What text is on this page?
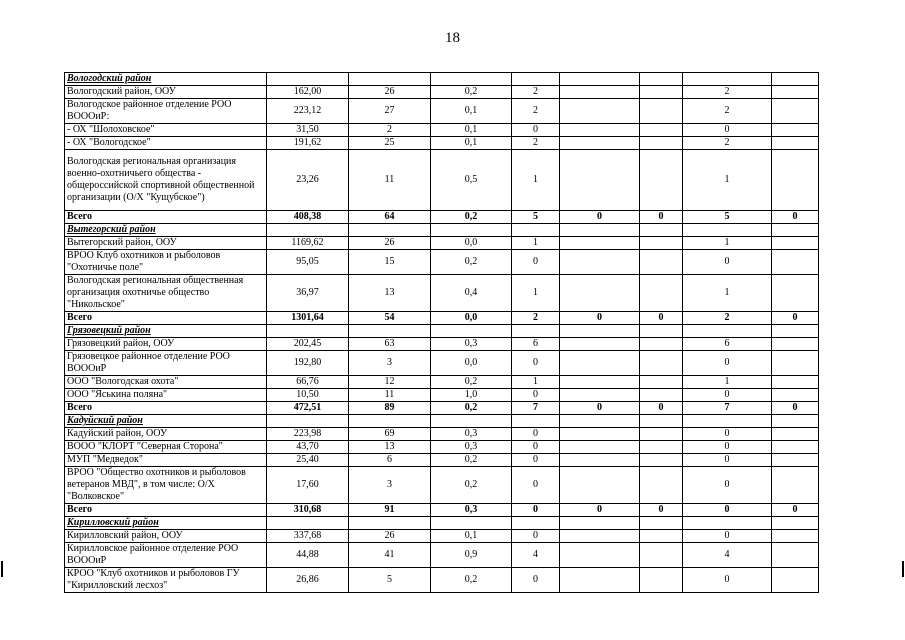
18
Вологодский район								
Вологодский район, ООУ	162,00	26	0,2	2			2	
Вологодское районное отделение РОО ВОООиР:	223,12	27	0,1	2			2	
- ОХ "Шолоховское"	31,50	2	0,1	0			0	
- ОХ "Вологодское"	191,62	25	0,1	2			2	
Вологодская региональная организация военно-охотничьего общества - общероссийской спортивной общественной организации (О/Х "Кущубское")	23,26	11	0,5	1			1	
Всего	408,38	64	0,2	5	0	0	5	0
Вытегорский район								
Вытегорский район, ООУ	1169,62	26	0,0	1			1	
ВРОО Клуб охотников и рыболовов "Охотничье поле"	95,05	15	0,2	0			0	
Вологодская региональная общественная организация охотничье общество "Никольское"	36,97	13	0,4	1			1	
Всего	1301,64	54	0,0	2	0	0	2	0
Грязовецкий район								
Грязовецкий район, ООУ	202,45	63	0,3	6			6	
Грязовецкое районное отделение РОО ВОООиР	192,80	3	0,0	0			0	
ООО "Вологодская охота"	66,76	12	0,2	1			1	
ООО "Яськина поляна"	10,50	11	1,0	0			0	
Всего	472,51	89	0,2	7	0	0	7	0
Кадуйский район								
Кадуйский район, ООУ	223,98	69	0,3	0			0	
ВОOO "КЛОРТ "Северная Сторона"	43,70	13	0,3	0			0	
МУП "Медведок"	25,40	6	0,2	0			0	
ВРОО "Общество охотников и рыболовов ветеранов МВД", в том числе: О/Х "Волковское"	17,60	3	0,2	0			0	
Всего	310,68	91	0,3	0	0	0	0	0
Кирилловский район								
Кирилловский район, ООУ	337,68	26	0,1	0			0	
Кирилловское районное отделение РОО ВОООиР	44,88	41	0,9	4			4	
КРОО "Клуб охотников и рыболовов ГУ "Кирилловский лесхоз"	26,86	5	0,2	0			0	
